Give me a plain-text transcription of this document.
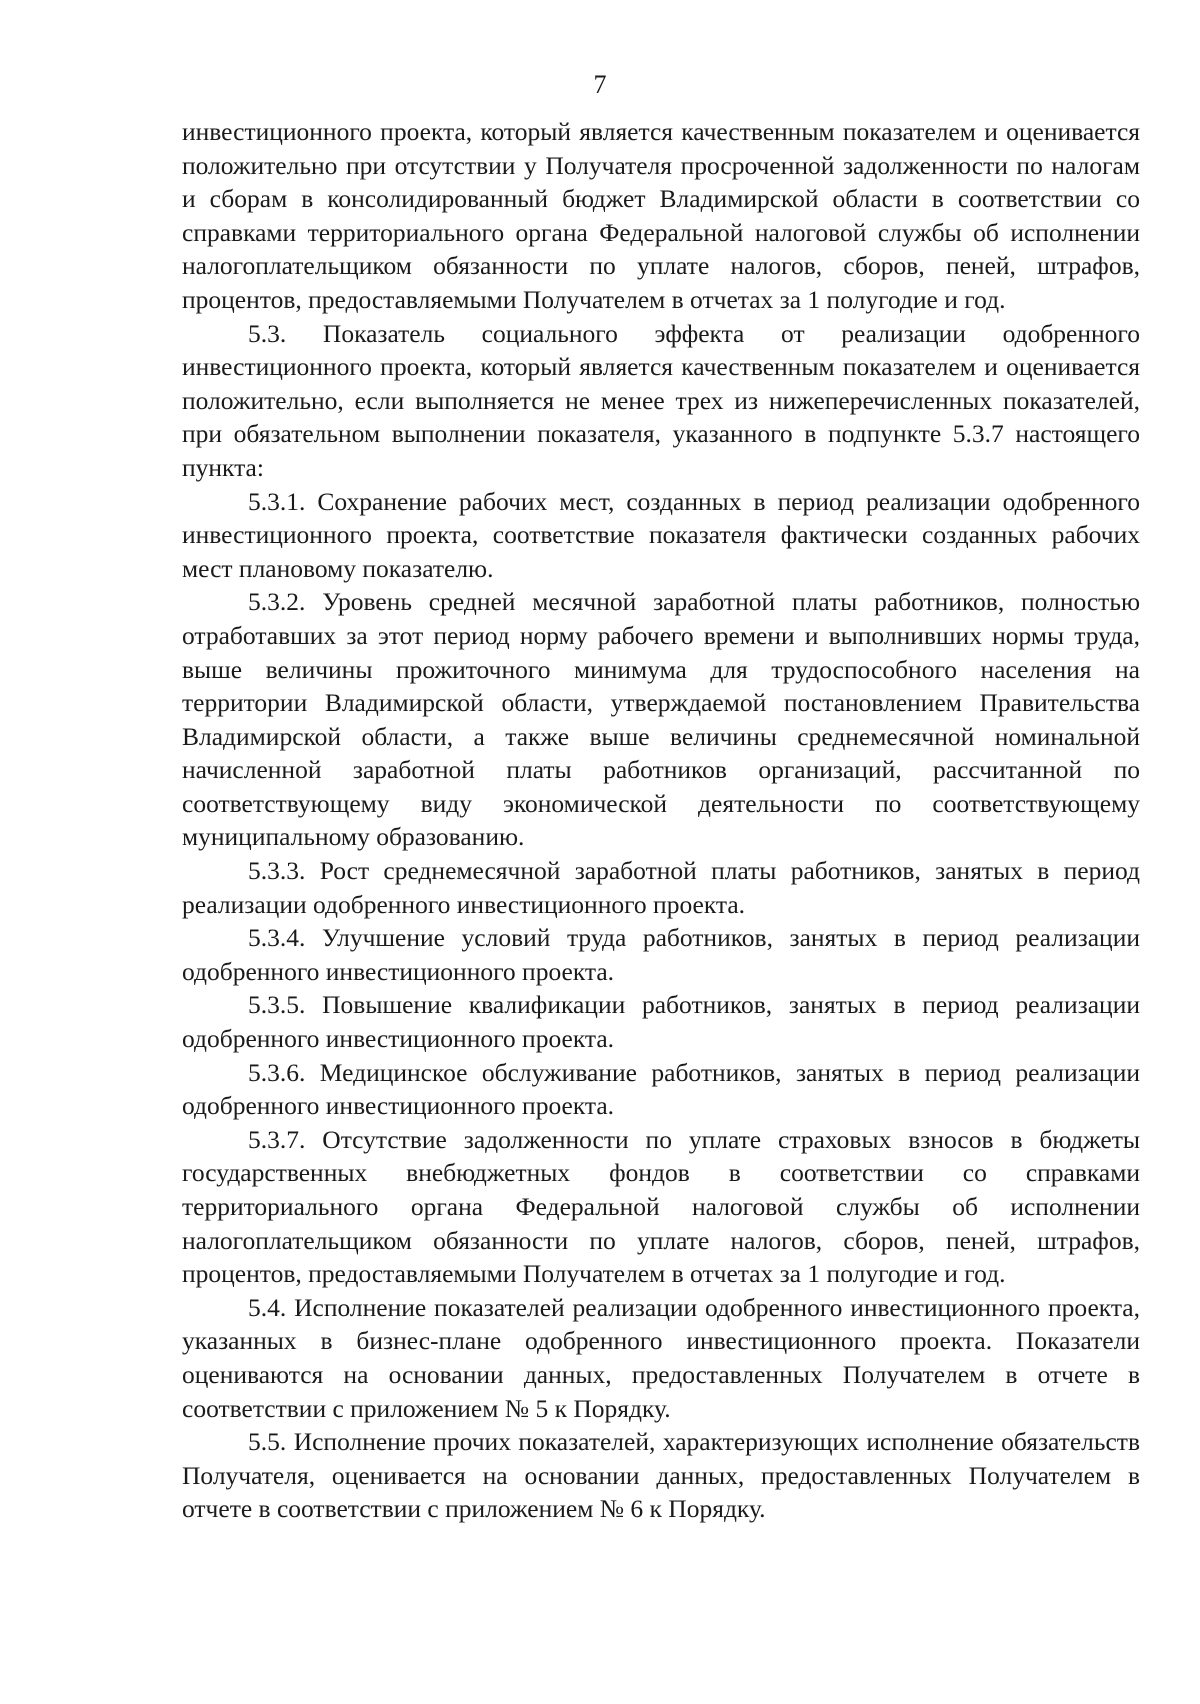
7

инвестиционного проекта, который является качественным показателем и оценивается положительно при отсутствии у Получателя просроченной задолженности по налогам и сборам в консолидированный бюджет Владимирской области в соответствии со справками территориального органа Федеральной налоговой службы об исполнении налогоплательщиком обязанности по уплате налогов, сборов, пеней, штрафов, процентов, предоставляемыми Получателем в отчетах за 1 полугодие и год.

5.3. Показатель социального эффекта от реализации одобренного инвестиционного проекта, который является качественным показателем и оценивается положительно, если выполняется не менее трех из нижеперечисленных показателей, при обязательном выполнении показателя, указанного в подпункте 5.3.7 настоящего пункта:

5.3.1. Сохранение рабочих мест, созданных в период реализации одобренного инвестиционного проекта, соответствие показателя фактически созданных рабочих мест плановому показателю.

5.3.2. Уровень средней месячной заработной платы работников, полностью отработавших за этот период норму рабочего времени и выполнивших нормы труда, выше величины прожиточного минимума для трудоспособного населения на территории Владимирской области, утверждаемой постановлением Правительства Владимирской области, а также выше величины среднемесячной номинальной начисленной заработной платы работников организаций, рассчитанной по соответствующему виду экономической деятельности по соответствующему муниципальному образованию.

5.3.3. Рост среднемесячной заработной платы работников, занятых в период реализации одобренного инвестиционного проекта.

5.3.4. Улучшение условий труда работников, занятых в период реализации одобренного инвестиционного проекта.

5.3.5. Повышение квалификации работников, занятых в период реализации одобренного инвестиционного проекта.

5.3.6. Медицинское обслуживание работников, занятых в период реализации одобренного инвестиционного проекта.

5.3.7. Отсутствие задолженности по уплате страховых взносов в бюджеты государственных внебюджетных фондов в соответствии со справками территориального органа Федеральной налоговой службы об исполнении налогоплательщиком обязанности по уплате налогов, сборов, пеней, штрафов, процентов, предоставляемыми Получателем в отчетах за 1 полугодие и год.

5.4. Исполнение показателей реализации одобренного инвестиционного проекта, указанных в бизнес-плане одобренного инвестиционного проекта. Показатели оцениваются на основании данных, предоставленных Получателем в отчете в соответствии с приложением № 5 к Порядку.

5.5. Исполнение прочих показателей, характеризующих исполнение обязательств Получателя, оценивается на основании данных, предоставленных Получателем в отчете в соответствии с приложением № 6 к Порядку.
